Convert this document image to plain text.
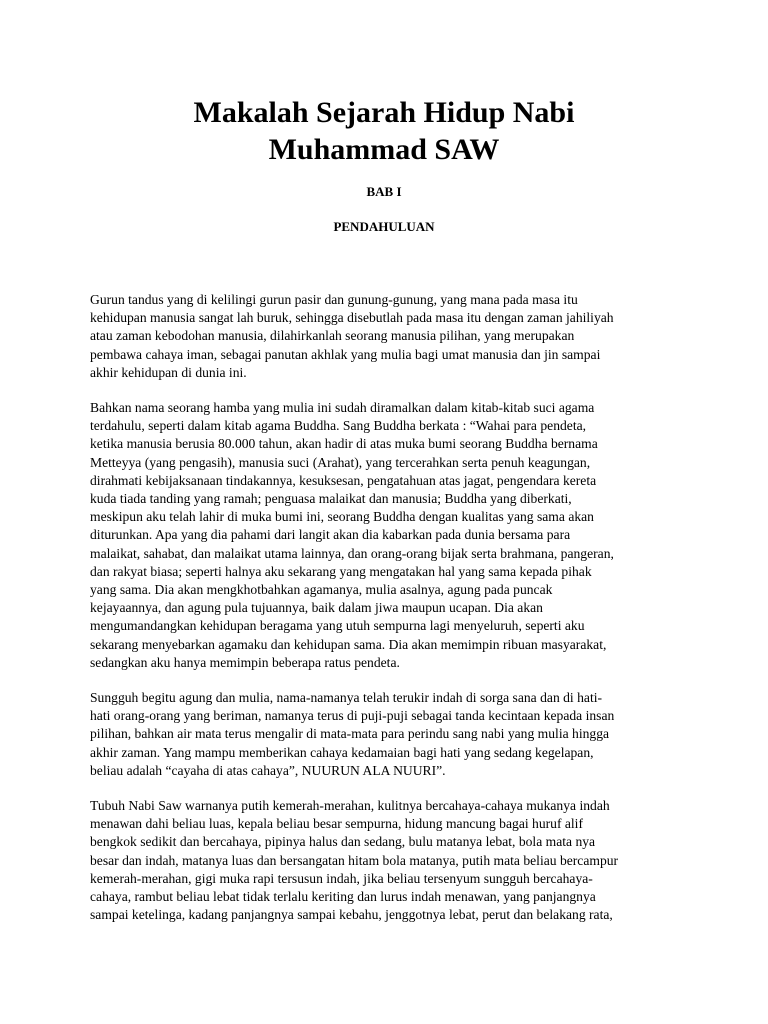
Makalah Sejarah Hidup Nabi
Muhammad SAW

BAB I

PENDAHULUAN

Gurun tandus yang di kelilingi gurun pasir dan gunung-gunung, yang mana pada masa itu
kehidupan manusia sangat lah buruk, sehingga disebutlah pada masa itu dengan zaman jahiliyah
atau zaman kebodohan manusia, dilahirkanlah seorang manusia pilihan, yang merupakan
pembawa cahaya iman, sebagai panutan akhlak yang mulia bagi umat manusia dan jin sampai
akhir kehidupan di dunia ini.

Bahkan nama seorang hamba yang mulia ini sudah diramalkan dalam kitab-kitab suci agama
terdahulu, seperti dalam kitab agama Buddha. Sang Buddha berkata : “Wahai para pendeta,
ketika manusia berusia 80.000 tahun, akan hadir di atas muka bumi seorang Buddha bernama
Metteyya (yang pengasih), manusia suci (Arahat), yang tercerahkan serta penuh keagungan,
dirahmati kebijaksanaan tindakannya, kesuksesan, pengatahuan atas jagat, pengendara kereta
kuda tiada tanding yang ramah; penguasa malaikat dan manusia; Buddha yang diberkati,
meskipun aku telah lahir di muka bumi ini, seorang Buddha dengan kualitas yang sama akan
diturunkan. Apa yang dia pahami dari langit akan dia kabarkan pada dunia bersama para
malaikat, sahabat, dan malaikat utama lainnya, dan orang-orang bijak serta brahmana, pangeran,
dan rakyat biasa; seperti halnya aku sekarang yang mengatakan hal yang sama kepada pihak
yang sama. Dia akan mengkhotbahkan agamanya, mulia asalnya, agung pada puncak
kejayaannya, dan agung pula tujuannya, baik dalam jiwa maupun ucapan. Dia akan
mengumandangkan kehidupan beragama yang utuh sempurna lagi menyeluruh, seperti aku
sekarang menyebarkan agamaku dan kehidupan sama. Dia akan memimpin ribuan masyarakat,
sedangkan aku hanya memimpin beberapa ratus pendeta.

Sungguh begitu agung dan mulia, nama-namanya telah terukir indah di sorga sana dan di hati-
hati orang-orang yang beriman, namanya terus di puji-puji sebagai tanda kecintaan kepada insan
pilihan, bahkan air mata terus mengalir di mata-mata para perindu sang nabi yang mulia hingga
akhir zaman. Yang mampu memberikan cahaya kedamaian bagi hati yang sedang kegelapan,
beliau adalah “cayaha di atas cahaya”, NUURUN ALA NUURI”.

Tubuh Nabi Saw warnanya putih kemerah-merahan, kulitnya bercahaya-cahaya mukanya indah
menawan dahi beliau luas, kepala beliau besar sempurna, hidung mancung bagai huruf alif
bengkok sedikit dan bercahaya, pipinya halus dan sedang, bulu matanya lebat, bola mata nya
besar dan indah, matanya luas dan bersangatan hitam bola matanya, putih mata beliau bercampur
kemerah-merahan, gigi muka rapi tersusun indah, jika beliau tersenyum sungguh bercahaya-
cahaya, rambut beliau lebat tidak terlalu keriting dan lurus indah menawan, yang panjangnya
sampai ketelinga, kadang panjangnya sampai kebahu, jenggotnya lebat, perut dan belakang rata,
